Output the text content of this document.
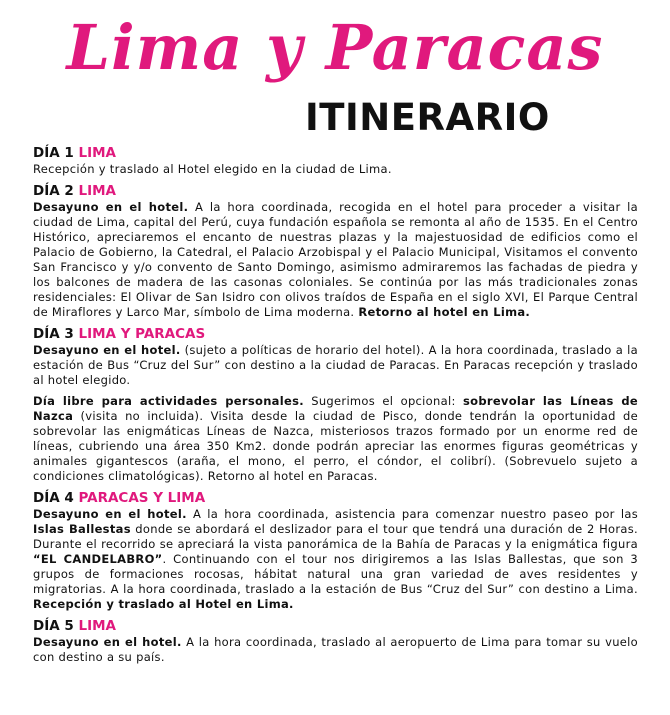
Lima y Paracas
ITINERARIO
DÍA 1 LIMA

Recepción y traslado al Hotel elegido en la ciudad de Lima.

DÍA 2 LIMA

Desayuno en el hotel. A la hora coordinada, recogida en el hotel para proceder a visitar la ciudad de Lima, capital del Perú, cuya fundación española se remonta al año de 1535. En el Centro Histórico, apreciaremos el encanto de nuestras plazas y la majestuosidad de edificios como el Palacio de Gobierno, la Catedral, el Palacio Arzobispal y el Palacio Municipal, Visitamos el convento San Francisco y y/o convento de Santo Domingo, asimismo admiraremos las fachadas de piedra y los balcones de madera de las casonas coloniales. Se continúa por las más tradicionales zonas residenciales: El Olivar de San Isidro con olivos traídos de España en el siglo XVI, El Parque Central de Miraflores y Larco Mar, símbolo de Lima moderna. Retorno al hotel en Lima.

DÍA 3 LIMA Y PARACAS

Desayuno en el hotel. (sujeto a políticas de horario del hotel). A la hora coordinada, traslado a la estación de Bus “Cruz del Sur” con destino a la ciudad de Paracas. En Paracas recepción y traslado al hotel elegido.

Día libre para actividades personales. Sugerimos el opcional: sobrevolar las Líneas de Nazca (visita no incluida). Visita desde la ciudad de Pisco, donde tendrán la oportunidad de sobrevolar las enigmáticas Líneas de Nazca, misteriosos trazos formado por un enorme red de líneas, cubriendo una área 350 Km2. donde podrán apreciar las enormes figuras geométricas y animales gigantescos (araña, el mono, el perro, el cóndor, el colibrí). (Sobrevuelo sujeto a condiciones climatológicas). Retorno al hotel en Paracas.

DÍA 4 PARACAS Y LIMA

Desayuno en el hotel. A la hora coordinada, asistencia para comenzar nuestro paseo por las Islas Ballestas donde se abordará el deslizador para el tour que tendrá una duración de 2 Horas. Durante el recorrido se apreciará la vista panorámica de la Bahía de Paracas y la enigmática figura “EL CANDELABRO”. Continuando con el tour nos dirigiremos a las Islas Ballestas, que son 3 grupos de formaciones rocosas, hábitat natural una gran variedad de aves residentes y migratorias. A la hora coordinada, traslado a la estación de Bus “Cruz del Sur” con destino a Lima. Recepción y traslado al Hotel en Lima.

DÍA 5 LIMA

Desayuno en el hotel. A la hora coordinada, traslado al aeropuerto de Lima para tomar su vuelo con destino a su país.
